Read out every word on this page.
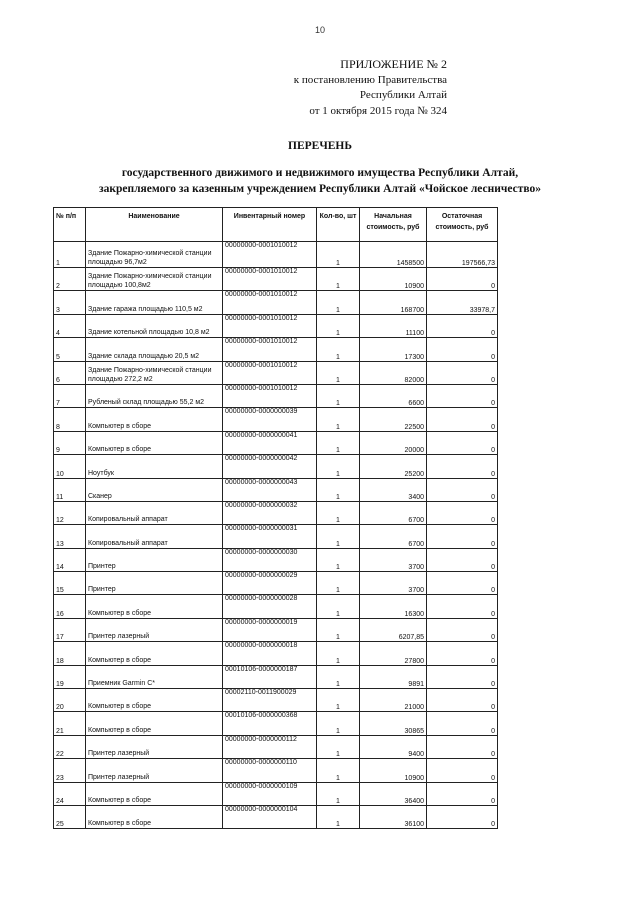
10
ПРИЛОЖЕНИЕ № 2
к постановлению Правительства
Республики Алтай
от 1 октября 2015 года № 324
ПЕРЕЧЕНЬ
государственного движимого и недвижимого имущества Республики Алтай,
закрепляемого за казенным учреждением Республики Алтай «Чойское лесничество»
№ п/п	Наименование	Инвентарный номер	Кол-во, шт	Начальная стоимость, руб	Остаточная стоимость, руб
1	Здание Пожарно-химической станции площадью 96,7м2	00000000-0001010012	1	1458500	197566,73
2	Здание Пожарно-химической станции площадью 100,8м2	00000000-0001010012	1	10900	0
3	Здание гаража площадью 110,5 м2	00000000-0001010012	1	168700	33978,7
4	Здание котельной площадью 10,8 м2	00000000-0001010012	1	11100	0
5	Здание склада площадью 20,5 м2	00000000-0001010012	1	17300	0
6	Здание Пожарно-химической станции площадью 272,2 м2	00000000-0001010012	1	82000	0
7	Рубленый склад площадью 55,2 м2	00000000-0001010012	1	6600	0
8	Компьютер в сборе	00000000-0000000039	1	22500	0
9	Компьютер в сборе	00000000-0000000041	1	20000	0
10	Ноутбук	00000000-0000000042	1	25200	0
11	Сканер	00000000-0000000043	1	3400	0
12	Копировальный аппарат	00000000-0000000032	1	6700	0
13	Копировальный аппарат	00000000-0000000031	1	6700	0
14	Принтер	00000000-0000000030	1	3700	0
15	Принтер	00000000-0000000029	1	3700	0
16	Компьютер в сборе	00000000-0000000028	1	16300	0
17	Принтер лазерный	00000000-0000000019	1	6207,85	0
18	Компьютер в сборе	00000000-0000000018	1	27800	0
19	Приемник Garmin C*	00010106-0000000187	1	9891	0
20	Компьютер в сборе	00002110-0011900029	1	21000	0
21	Компьютер в сборе	00010106-0000000368	1	30865	0
22	Принтер лазерный	00000000-0000000112	1	9400	0
23	Принтер лазерный	00000000-0000000110	1	10900	0
24	Компьютер в сборе	00000000-0000000109	1	36400	0
25	Компьютер в сборе	00000000-0000000104	1	36100	0
